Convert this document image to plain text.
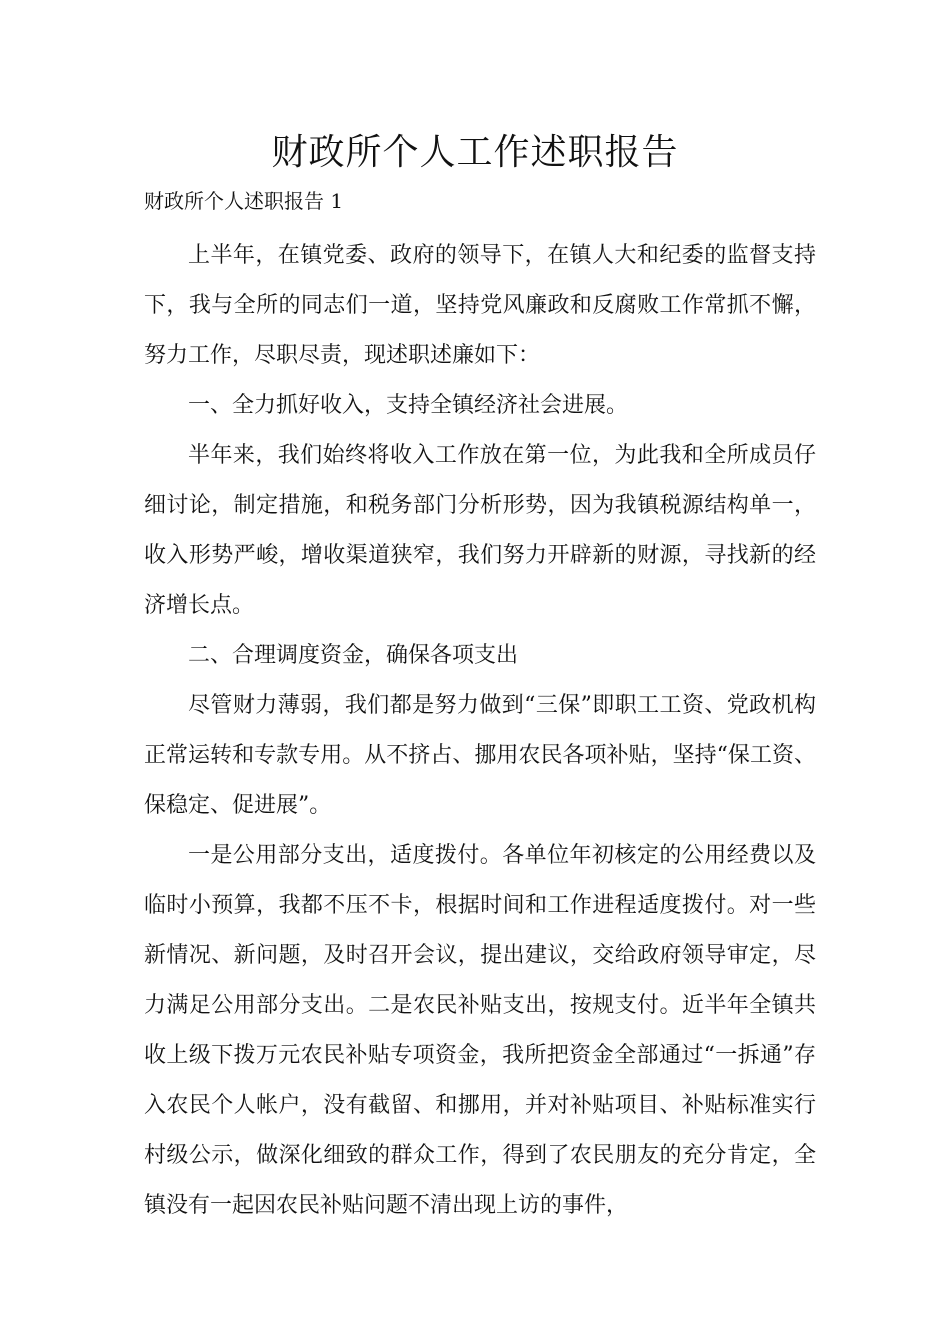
财政所个人工作述职报告

财政所个人述职报告 1

上半年，在镇党委、政府的领导下，在镇人大和纪委的监督支持下，我与全所的同志们一道，坚持党风廉政和反腐败工作常抓不懈，努力工作，尽职尽责，现述职述廉如下：

一、全力抓好收入，支持全镇经济社会进展。

半年来，我们始终将收入工作放在第一位，为此我和全所成员仔细讨论，制定措施，和税务部门分析形势，因为我镇税源结构单一，收入形势严峻，增收渠道狭窄，我们努力开辟新的财源，寻找新的经济增长点。

二、合理调度资金，确保各项支出

尽管财力薄弱，我们都是努力做到“三保”即职工工资、党政机构正常运转和专款专用。从不挤占、挪用农民各项补贴，坚持“保工资、保稳定、促进展”。

一是公用部分支出，适度拨付。各单位年初核定的公用经费以及临时小预算，我都不压不卡，根据时间和工作进程适度拨付。对一些新情况、新问题，及时召开会议，提出建议，交给政府领导审定，尽力满足公用部分支出。二是农民补贴支出，按规支付。近半年全镇共收上级下拨万元农民补贴专项资金，我所把资金全部通过“一拆通”存入农民个人帐户，没有截留、和挪用，并对补贴项目、补贴标准实行村级公示，做深化细致的群众工作，得到了农民朋友的充分肯定，全镇没有一起因农民补贴问题不清出现上访的事件，
